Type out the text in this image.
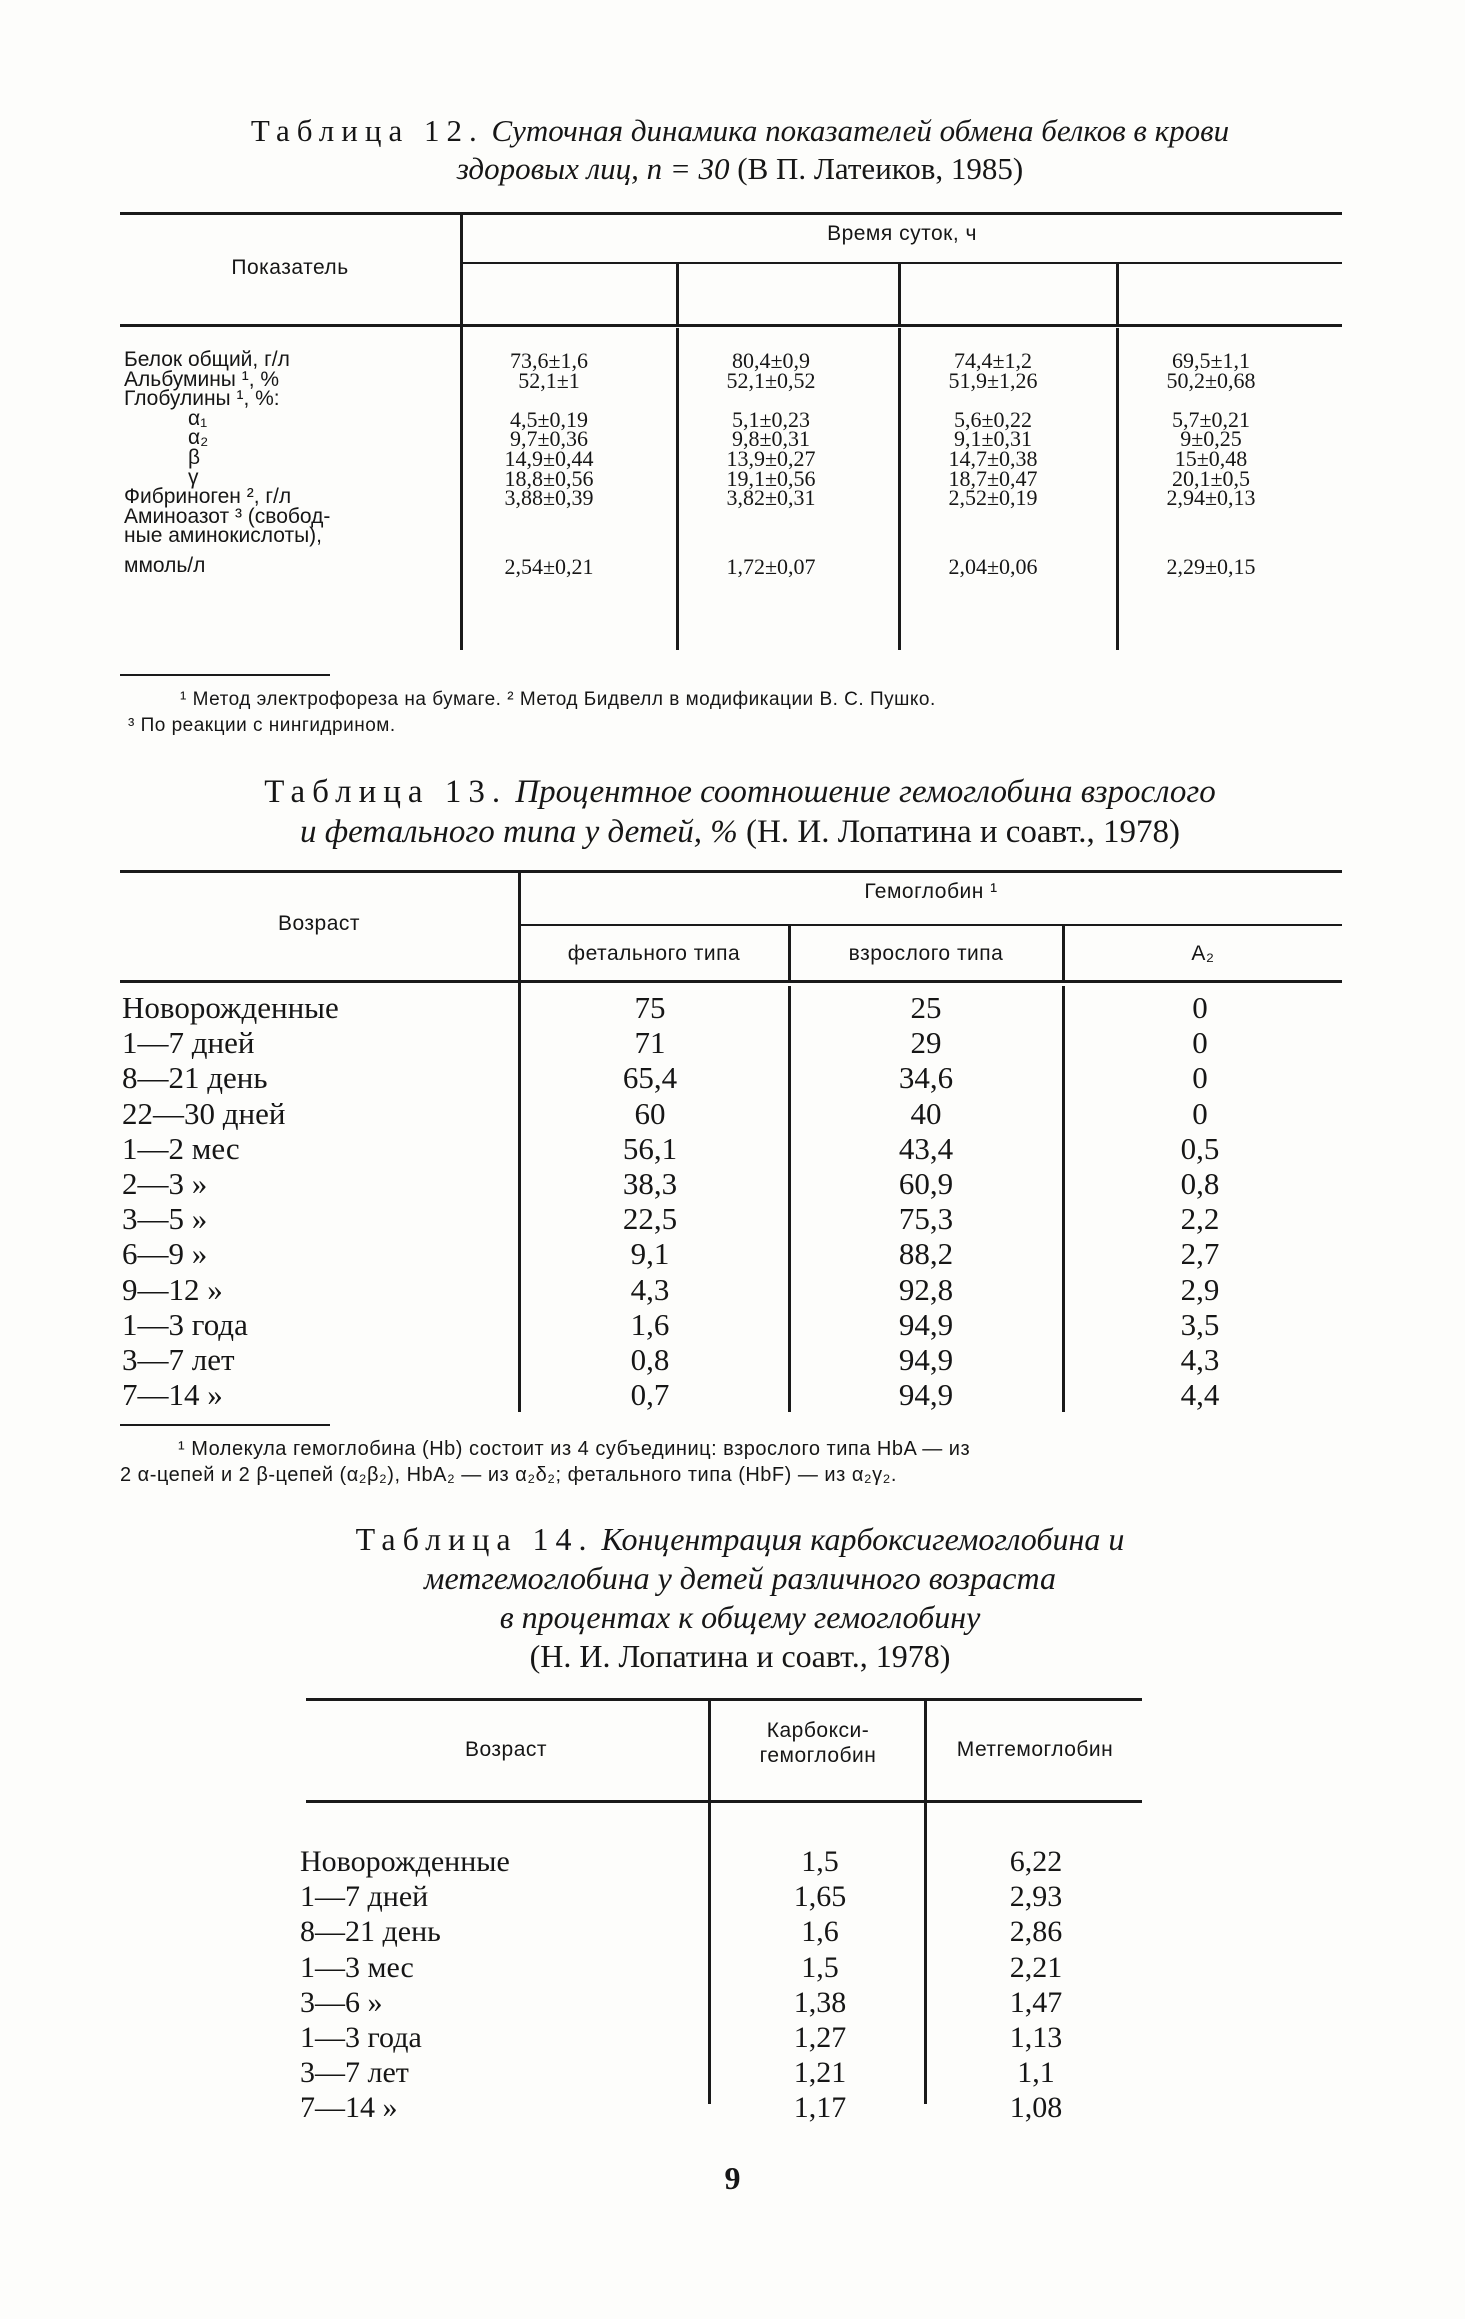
Таблица 12. Суточная динамика показателей обмена белков в крови
здоровых лиц, n = 30 (В П. Латеиков, 1985)
Показатель
Время суток, ч
Белок общий, г/л	73,6±1,6	80,4±0,9	74,4±1,2	69,5±1,1
Альбумины ¹, %	52,1±1	52,1±0,52	51,9±1,26	50,2±0,68
Глобулины ¹, %:
α₁	4,5±0,19	5,1±0,23	5,6±0,22	5,7±0,21
α₂	9,7±0,36	9,8±0,31	9,1±0,31	9±0,25
β	14,9±0,44	13,9±0,27	14,7±0,38	15±0,48
γ	18,8±0,56	19,1±0,56	18,7±0,47	20,1±0,5
Фибриноген ², г/л	3,88±0,39	3,82±0,31	2,52±0,19	2,94±0,13
Аминоазот ³ (свобод-
ные аминокислоты),
ммоль/л	2,54±0,21	1,72±0,07	2,04±0,06	2,29±0,15
¹ Метод электрофореза на бумаге. ² Метод Бидвелл в модификации В. С. Пушко.
³ По реакции с нингидрином.
Таблица 13. Процентное соотношение гемоглобина взрослого
и фетального типа у детей, % (Н. И. Лопатина и соавт., 1978)
Возраст
Гемоглобин ¹
фетального типа	взрослого типа	A₂
Новорожденные	75	25	0
1—7 дней	71	29	0
8—21 день	65,4	34,6	0
22—30 дней	60	40	0
1—2 мес	56,1	43,4	0,5
2—3 »	38,3	60,9	0,8
3—5 »	22,5	75,3	2,2
6—9 »	9,1	88,2	2,7
9—12 »	4,3	92,8	2,9
1—3 года	1,6	94,9	3,5
3—7 лет	0,8	94,9	4,3
7—14 »	0,7	94,9	4,4
¹ Молекула гемоглобина (Hb) состоит из 4 субъединиц: взрослого типа HbA — из
2 α-цепей и 2 β-цепей (α₂β₂), HbA₂ — из α₂δ₂; фетального типа (HbF) — из α₂γ₂.
Таблица 14. Концентрация карбоксигемоглобина и
метгемоглобина у детей различного возраста
в процентах к общему гемоглобину
(Н. И. Лопатина и соавт., 1978)
Возраст
Карбокси-
гемоглобин	Метгемоглобин
Новорожденные	1,5	6,22
1—7 дней	1,65	2,93
8—21 день	1,6	2,86
1—3 мес	1,5	2,21
3—6 »	1,38	1,47
1—3 года	1,27	1,13
3—7 лет	1,21	1,1
7—14 »	1,17	1,08
9
